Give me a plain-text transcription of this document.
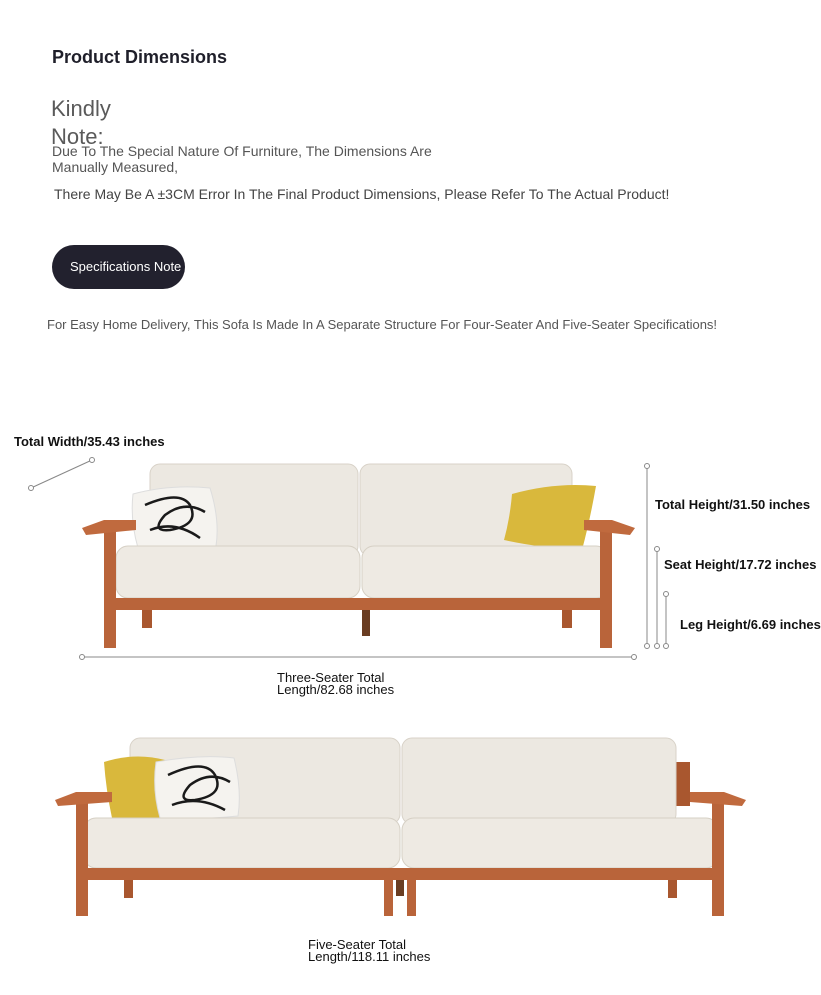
Product Dimensions
Kindly Note:
Due To The Special Nature Of Furniture, The Dimensions Are Manually Measured,
There May Be A ±3CM Error In The Final Product Dimensions, Please Refer To The Actual Product!
Specifications Note
For Easy Home Delivery, This Sofa Is Made In A Separate Structure For Four-Seater And Five-Seater Specifications!
Total Width/35.43 inches
Total Height/31.50 inches
Seat Height/17.72 inches
Leg Height/6.69 inches
Three-Seater Total Length/82.68 inches
Five-Seater Total Length/118.11 inches
